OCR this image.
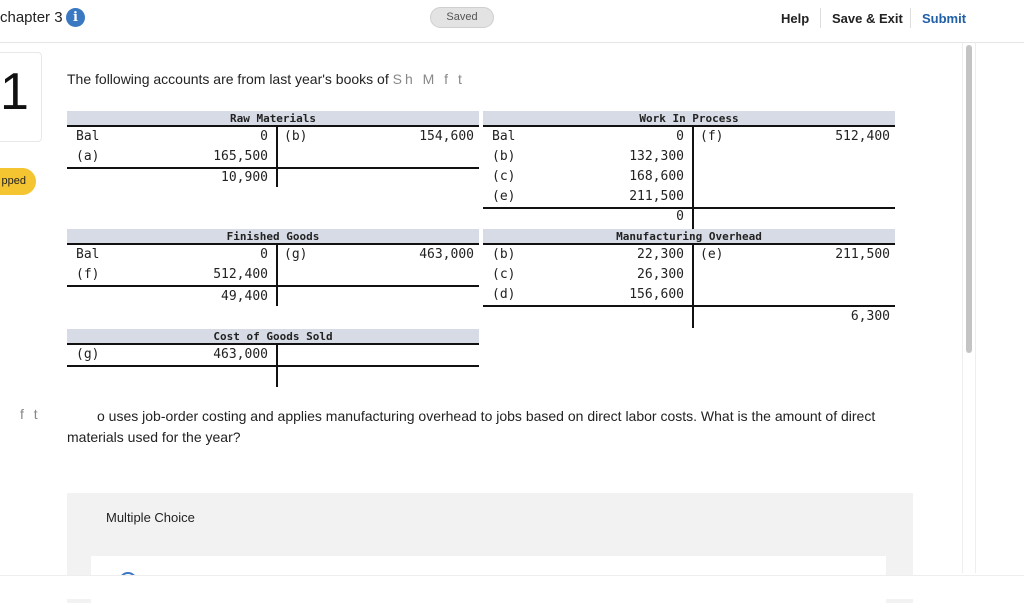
chapter 3 i	Saved	Help Save & Exit Submit
1
pped
The following accounts are from last year's books of Sh M f t
Raw Materials
Bal	0 (b)	154,600
(a)	165,500
10,900
Work In Process
Bal	0 (f)	512,400
(b)	132,300
(c)	168,600
(e)	211,500
0
Finished Goods
Bal	0 (g)	463,000
(f)	512,400
49,400
Manufacturing Overhead
(b)	22,300 (e)	211,500
(c)	26,300
(d)	156,600
6,300
Cost of Goods Sold
(g)	463,000
f t	o uses job-order costing and applies manufacturing overhead to jobs based on direct labor costs. What is the amount of direct materials used for the year?
Multiple Choice
